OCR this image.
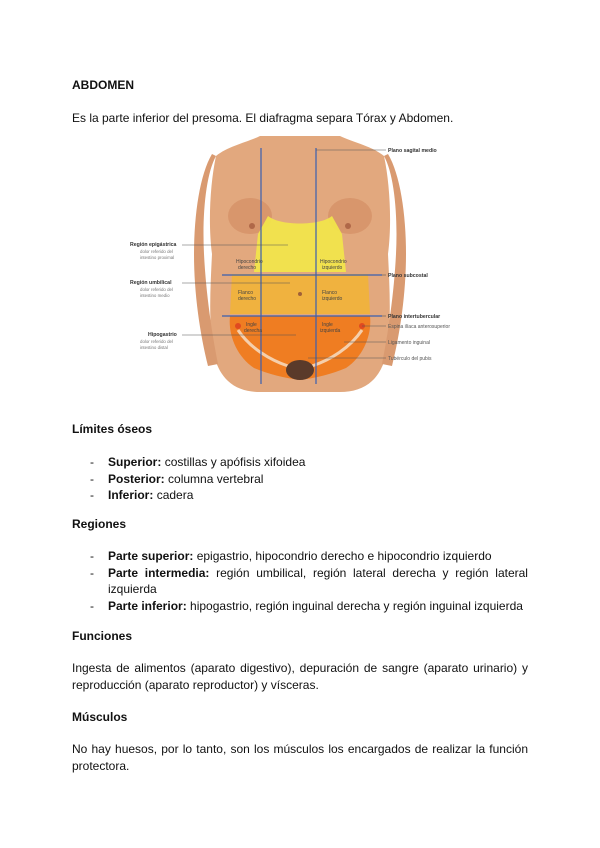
ABDOMEN

Es la parte inferior del presoma. El diafragma separa Tórax y Abdomen.

Plano sagital medio
Plano subcostal
Plano intertubercular
Espina ilíaca anterosuperior
Ligamento inguinal
Tubérculo del pubis
Región epigástrica
dolor referido del
intestino proximal
Región umbilical
dolor referido del
intestino medio
Hipogastrio
dolor referido del
intestino distal
Hipocondrio
derecho
Hipocondrio
izquierdo
Flanco
derecho
Flanco
izquierdo
Ingle
derecha
Ingle
izquierda

Límites óseos

- Superior: costillas y apófisis xifoidea
- Posterior: columna vertebral
- Inferior: cadera

Regiones

- Parte superior: epigastrio, hipocondrio derecho e hipocondrio izquierdo
- Parte intermedia: región umbilical, región lateral derecha y región lateral izquierda
- Parte inferior: hipogastrio, región inguinal derecha y región inguinal izquierda

Funciones

Ingesta de alimentos (aparato digestivo), depuración de sangre (aparato urinario) y reproducción (aparato reproductor) y vísceras.

Músculos

No hay huesos, por lo tanto, son los músculos los encargados de realizar la función protectora.
